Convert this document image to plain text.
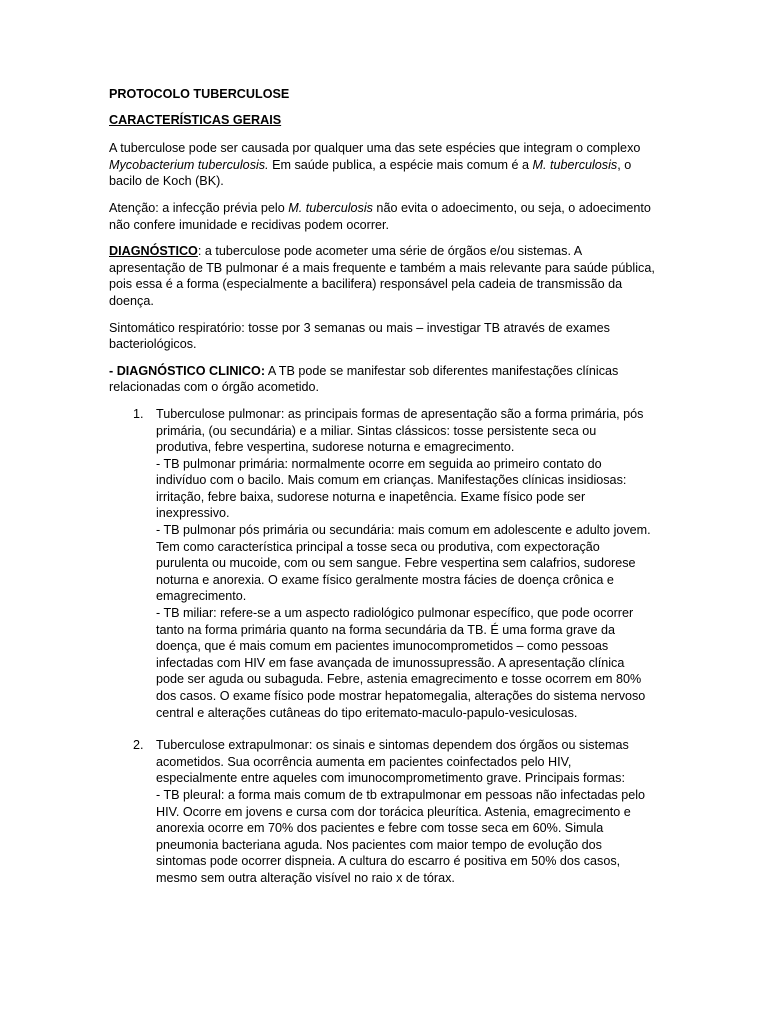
PROTOCOLO TUBERCULOSE

CARACTERÍSTICAS GERAIS

A tuberculose pode ser causada por qualquer uma das sete espécies que integram o complexo Mycobacterium tuberculosis. Em saúde publica, a espécie mais comum é a M. tuberculosis, o bacilo de Koch (BK).

Atenção: a infecção prévia pelo M. tuberculosis não evita o adoecimento, ou seja, o adoecimento não confere imunidade e recidivas podem ocorrer.

DIAGNÓSTICO: a tuberculose pode acometer uma série de órgãos e/ou sistemas. A apresentação de TB pulmonar é a mais frequente e também a mais relevante para saúde pública, pois essa é a forma (especialmente a bacilifera) responsável pela cadeia de transmissão da doença.

Sintomático respiratório: tosse por 3 semanas ou mais – investigar TB através de exames bacteriológicos.

- DIAGNÓSTICO CLINICO: A TB pode se manifestar sob diferentes manifestações clínicas relacionadas com o órgão acometido.

1. Tuberculose pulmonar: as principais formas de apresentação são a forma primária, pós primária, (ou secundária) e a miliar. Sintas clássicos: tosse persistente seca ou produtiva, febre vespertina, sudorese noturna e emagrecimento.
- TB pulmonar primária: normalmente ocorre em seguida ao primeiro contato do indivíduo com o bacilo. Mais comum em crianças. Manifestações clínicas insidiosas: irritação, febre baixa, sudorese noturna e inapetência. Exame físico pode ser inexpressivo.
- TB pulmonar pós primária ou secundária: mais comum em adolescente e adulto jovem. Tem como característica principal a tosse seca ou produtiva, com expectoração purulenta ou mucoide, com ou sem sangue. Febre vespertina sem calafrios, sudorese noturna e anorexia. O exame físico geralmente mostra fácies de doença crônica e emagrecimento.
- TB miliar: refere-se a um aspecto radiológico pulmonar específico, que pode ocorrer tanto na forma primária quanto na forma secundária da TB. É uma forma grave da doença, que é mais comum em pacientes imunocomprometidos – como pessoas infectadas com HIV em fase avançada de imunossupressão. A apresentação clínica pode ser aguda ou subaguda. Febre, astenia emagrecimento e tosse ocorrem em 80% dos casos. O exame físico pode mostrar hepatomegalia, alterações do sistema nervoso central e alterações cutâneas do tipo eritemato-maculo-papulo-vesiculosas.
2. Tuberculose extrapulmonar: os sinais e sintomas dependem dos órgãos ou sistemas acometidos. Sua ocorrência aumenta em pacientes coinfectados pelo HIV, especialmente entre aqueles com imunocomprometimento grave. Principais formas:
- TB pleural: a forma mais comum de tb extrapulmonar em pessoas não infectadas pelo HIV. Ocorre em jovens e cursa com dor torácica pleurítica. Astenia, emagrecimento e anorexia ocorre em 70% dos pacientes e febre com tosse seca em 60%. Simula pneumonia bacteriana aguda. Nos pacientes com maior tempo de evolução dos sintomas pode ocorrer dispneia. A cultura do escarro é positiva em 50% dos casos, mesmo sem outra alteração visível no raio x de tórax.
